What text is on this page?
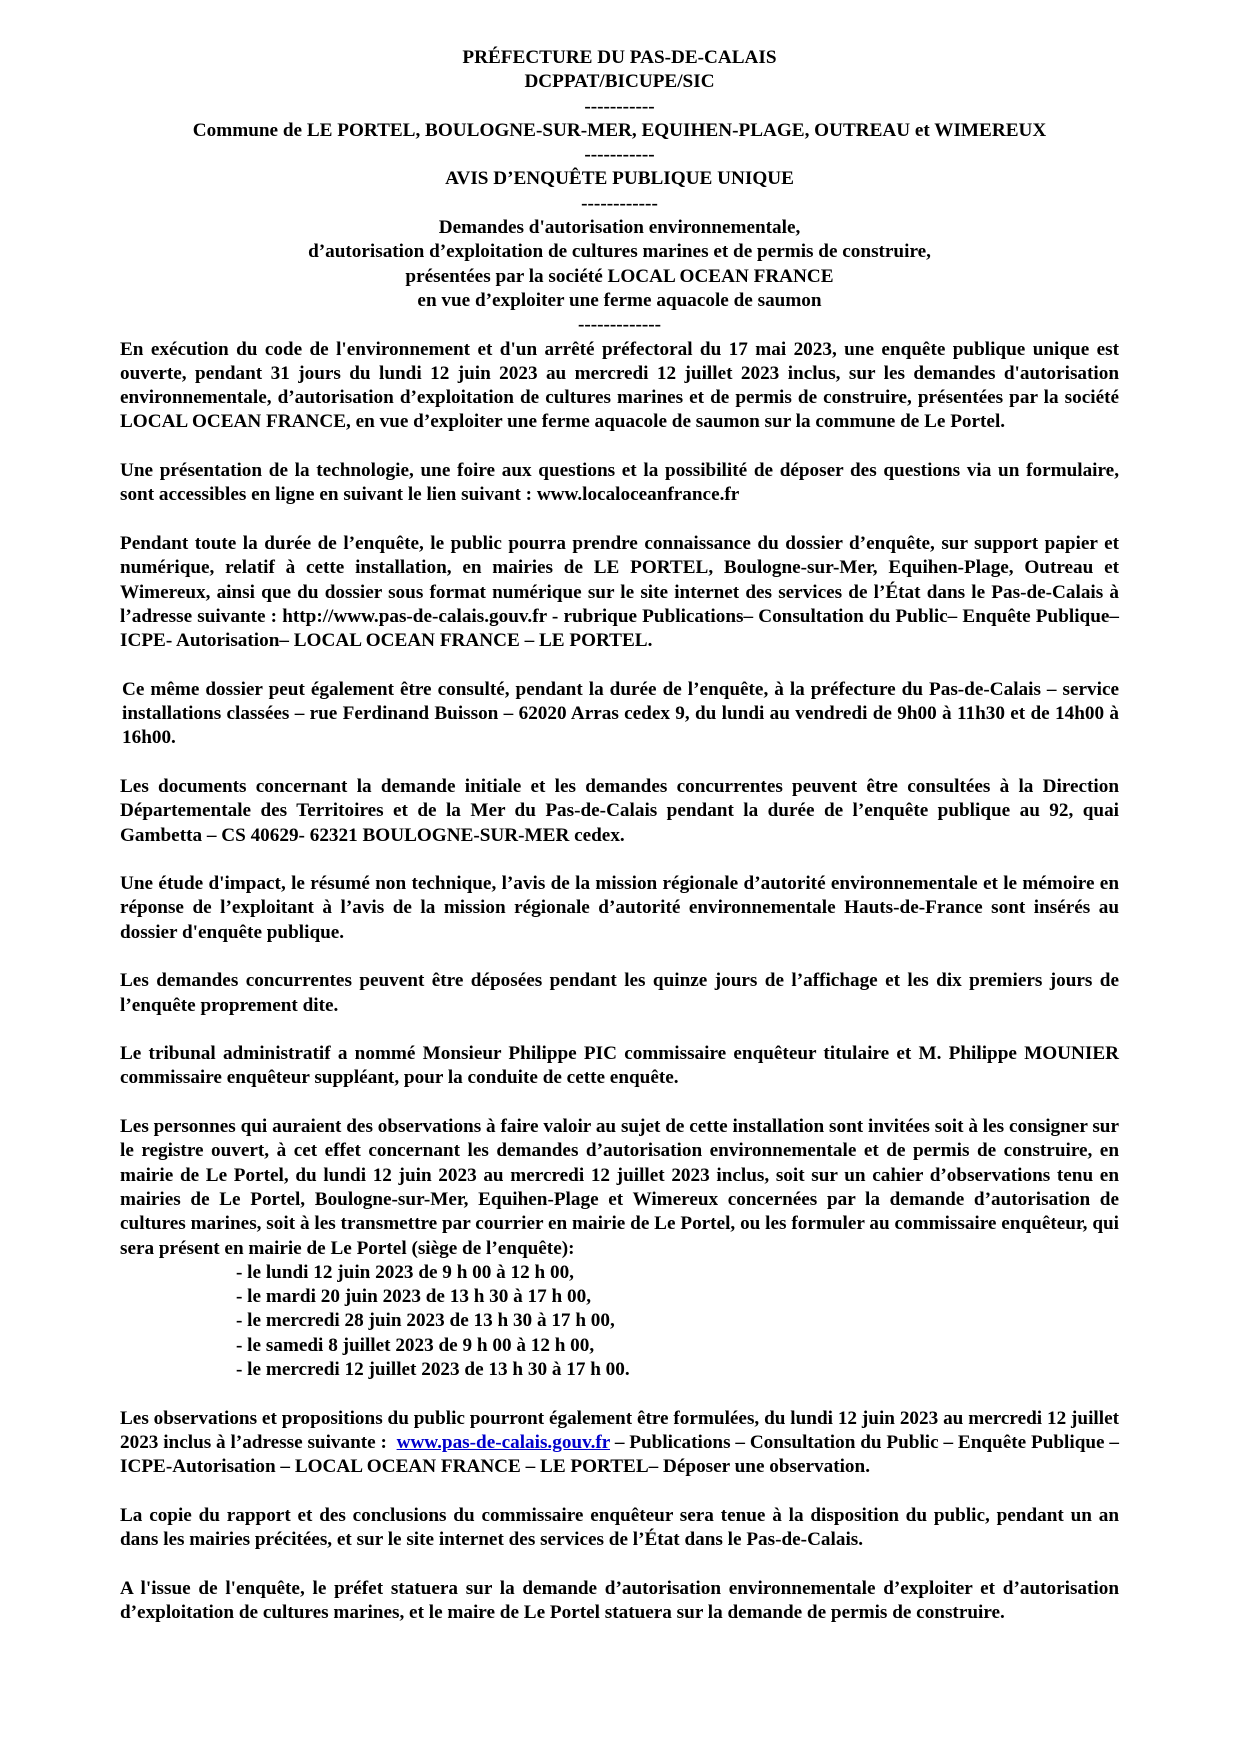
PRÉFECTURE DU PAS-DE-CALAIS
DCPPAT/BICUPE/SIC
-----------
Commune de LE PORTEL, BOULOGNE-SUR-MER, EQUIHEN-PLAGE, OUTREAU et WIMEREUX
-----------
AVIS D’ENQUÊTE PUBLIQUE UNIQUE
------------
Demandes d'autorisation environnementale,
d’autorisation d’exploitation de cultures marines et de permis de construire,
présentées par la société LOCAL OCEAN FRANCE
en vue d’exploiter une ferme aquacole de saumon
-------------

En exécution du code de l'environnement et d'un arrêté préfectoral du 17 mai 2023, une enquête publique unique est ouverte, pendant 31 jours du lundi 12 juin 2023 au mercredi 12 juillet 2023 inclus, sur les demandes d'autorisation environnementale, d’autorisation d’exploitation de cultures marines et de permis de construire, présentées par la société LOCAL OCEAN FRANCE, en vue d’exploiter une ferme aquacole de saumon sur la commune de Le Portel.

Une présentation de la technologie, une foire aux questions et la possibilité de déposer des questions via un formulaire, sont accessibles en ligne en suivant le lien suivant : www.localoceanfrance.fr

Pendant toute la durée de l’enquête, le public pourra prendre connaissance du dossier d’enquête, sur support papier et numérique, relatif à cette installation, en mairies de LE PORTEL, Boulogne-sur-Mer, Equihen-Plage, Outreau et Wimereux, ainsi que du dossier sous format numérique sur le site internet des services de l’État dans le Pas-de-Calais à l’adresse suivante : http://www.pas-de-calais.gouv.fr - rubrique Publications– Consultation du Public– Enquête Publique– ICPE- Autorisation– LOCAL OCEAN FRANCE – LE PORTEL.

Ce même dossier peut également être consulté, pendant la durée de l’enquête, à la préfecture du Pas-de-Calais – service installations classées – rue Ferdinand Buisson – 62020 Arras cedex 9, du lundi au vendredi de 9h00 à 11h30 et de 14h00 à 16h00.

Les documents concernant la demande initiale et les demandes concurrentes peuvent être consultées à la Direction Départementale des Territoires et de la Mer du Pas-de-Calais pendant la durée de l’enquête publique au 92, quai Gambetta – CS 40629- 62321 BOULOGNE-SUR-MER cedex.

Une étude d'impact, le résumé non technique, l’avis de la mission régionale d’autorité environnementale et le mémoire en réponse de l’exploitant à l’avis de la mission régionale d’autorité environnementale Hauts-de-France sont insérés au dossier d'enquête publique.

Les demandes concurrentes peuvent être déposées pendant les quinze jours de l’affichage et les dix premiers jours de l’enquête proprement dite.

Le tribunal administratif a nommé Monsieur Philippe PIC commissaire enquêteur titulaire et M. Philippe MOUNIER commissaire enquêteur suppléant, pour la conduite de cette enquête.

Les personnes qui auraient des observations à faire valoir au sujet de cette installation sont invitées soit à les consigner sur le registre ouvert, à cet effet concernant les demandes d’autorisation environnementale et de permis de construire, en mairie de Le Portel, du lundi 12 juin 2023 au mercredi 12 juillet 2023 inclus, soit sur un cahier d’observations tenu en mairies de Le Portel, Boulogne-sur-Mer, Equihen-Plage et Wimereux concernées par la demande d’autorisation de cultures marines, soit à les transmettre par courrier en mairie de Le Portel, ou les formuler au commissaire enquêteur, qui sera présent en mairie de Le Portel (siège de l’enquête):

- le lundi 12 juin 2023 de 9 h 00 à 12 h 00,
- le mardi 20 juin 2023 de 13 h 30 à 17 h 00,
- le mercredi 28 juin 2023 de 13 h 30 à 17 h 00,
- le samedi 8 juillet 2023 de 9 h 00 à 12 h 00,
- le mercredi 12 juillet 2023 de 13 h 30 à 17 h 00.

Les observations et propositions du public pourront également être formulées, du lundi 12 juin 2023 au mercredi 12 juillet 2023 inclus à l’adresse suivante : www.pas-de-calais.gouv.fr – Publications – Consultation du Public – Enquête Publique – ICPE-Autorisation – LOCAL OCEAN FRANCE – LE PORTEL– Déposer une observation.

La copie du rapport et des conclusions du commissaire enquêteur sera tenue à la disposition du public, pendant un an dans les mairies précitées, et sur le site internet des services de l’État dans le Pas-de-Calais.

A l'issue de l'enquête, le préfet statuera sur la demande d’autorisation environnementale d’exploiter et d’autorisation d’exploitation de cultures marines, et le maire de Le Portel statuera sur la demande de permis de construire.
